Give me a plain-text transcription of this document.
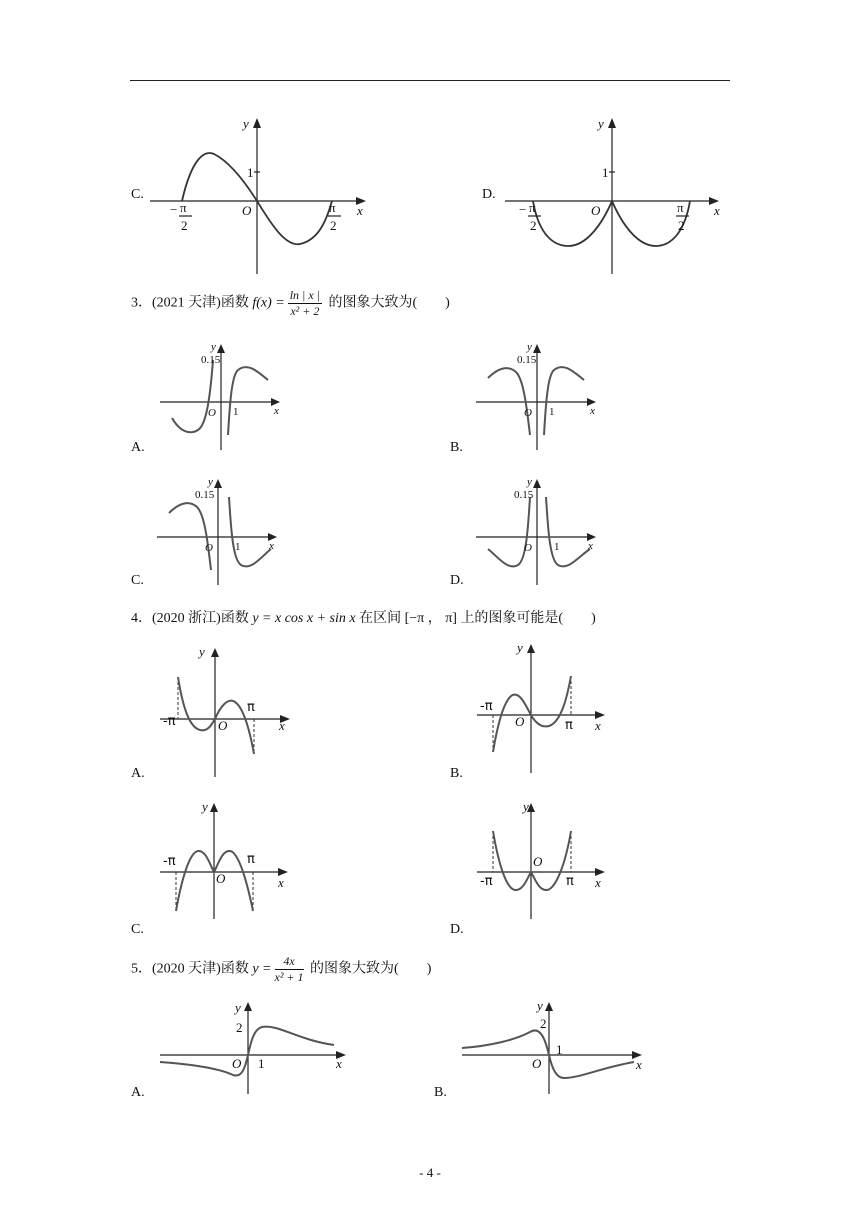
C.
y
x
O
1
− π
2
π
2
D.
y
x
O
1
− π
2
π
2
3．(2021 天津)函数 $f(x) = \frac{\ln | x |}{\text{x² + 2}}$ 的图象大致为( )
y
0.15
O 1	x
A.
y
0.15
O 1	x
B.
y
0.15
O 1	x
C.
y
0.15
O 1	x
D.
4．(2020 浙江)函数 y = x cos x + sin x 在区间 [−π ， π] 上的图象可能是( )
y
-π	O
π
x
A.
y
-π
O	π x
B.
y
-π
O
π
x
C.
y
-π
O
π x
D.
5．(2020 天津)函数 $y = \frac{4x}{\text{x² + 1}}$ 的图象大致为( )
y
2
O 1	x
A.
y
2
O
1
x
B.
- 4 -
